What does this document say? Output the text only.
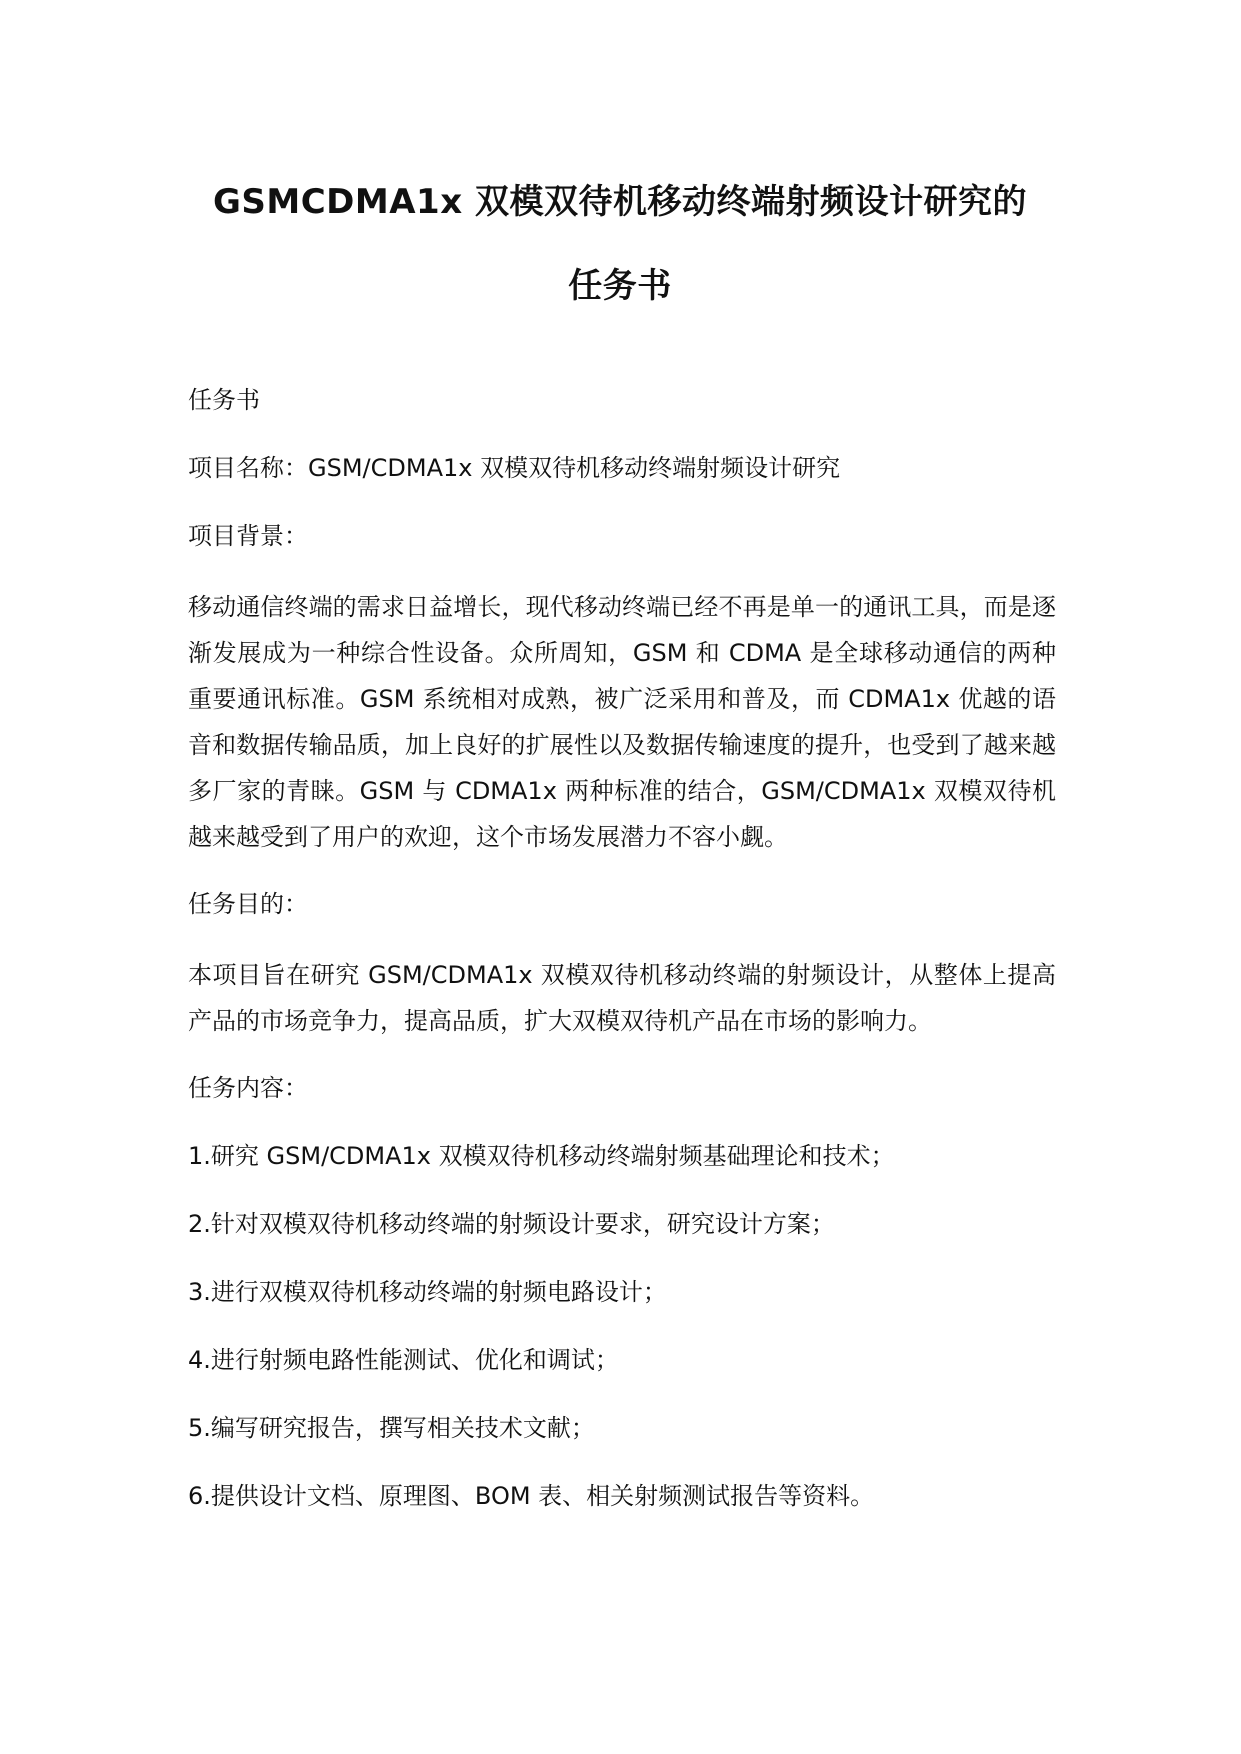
GSMCDMA1x 双模双待机移动终端射频设计研究的
任务书

任务书

项目名称：GSM/CDMA1x 双模双待机移动终端射频设计研究

项目背景：

移动通信终端的需求日益增长，现代移动终端已经不再是单一的通讯工具，而是逐渐发展成为一种综合性设备。众所周知，GSM 和 CDMA 是全球移动通信的两种重要通讯标准。GSM 系统相对成熟，被广泛采用和普及，而 CDMA1x 优越的语音和数据传输品质，加上良好的扩展性以及数据传输速度的提升，也受到了越来越多厂家的青睐。GSM 与 CDMA1x 两种标准的结合，GSM/CDMA1x 双模双待机越来越受到了用户的欢迎，这个市场发展潜力不容小觑。

任务目的：

本项目旨在研究 GSM/CDMA1x 双模双待机移动终端的射频设计，从整体上提高产品的市场竞争力，提高品质，扩大双模双待机产品在市场的影响力。

任务内容：

1.研究 GSM/CDMA1x 双模双待机移动终端射频基础理论和技术；

2.针对双模双待机移动终端的射频设计要求，研究设计方案；

3.进行双模双待机移动终端的射频电路设计；

4.进行射频电路性能测试、优化和调试；

5.编写研究报告，撰写相关技术文献；

6.提供设计文档、原理图、BOM 表、相关射频测试报告等资料。
